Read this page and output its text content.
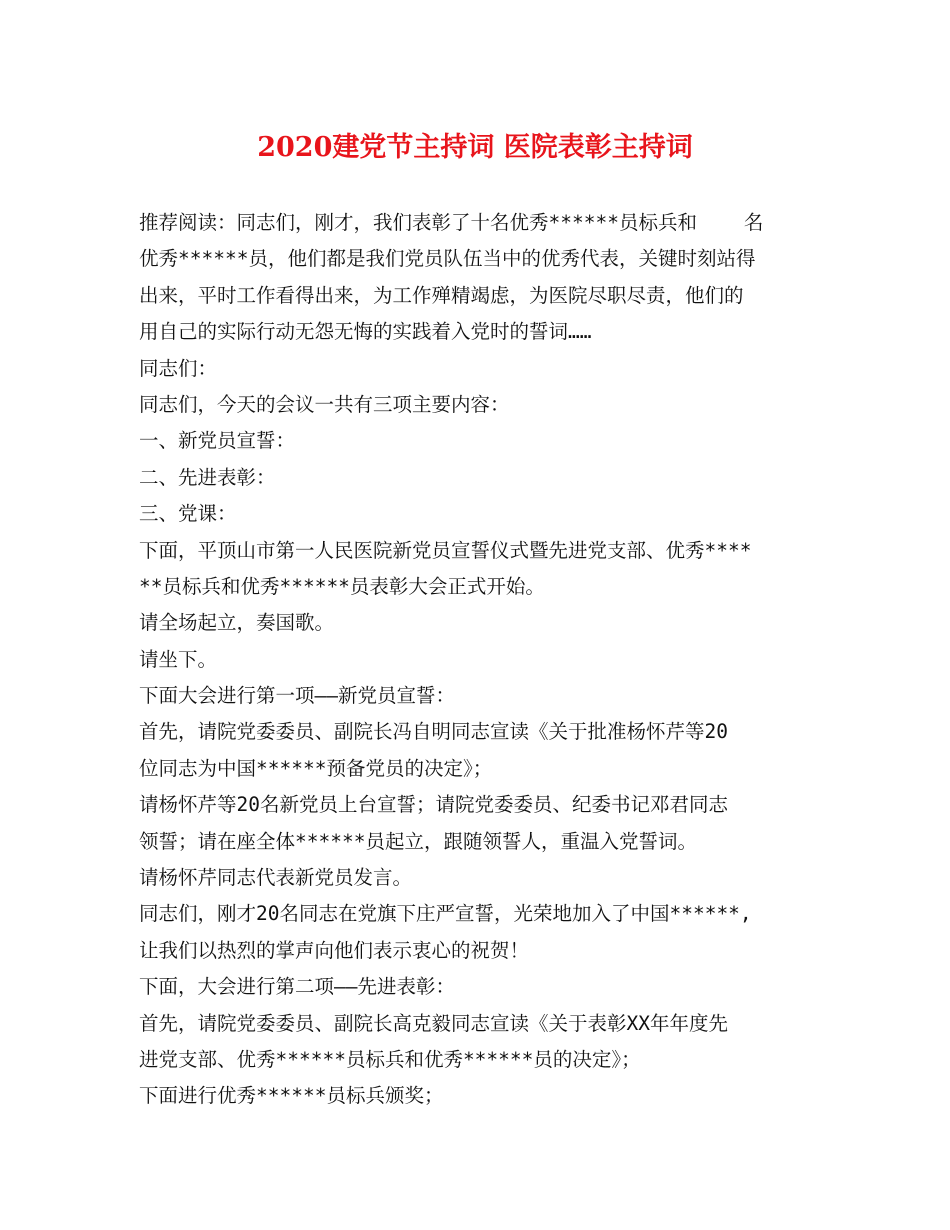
2020建党节主持词 医院表彰主持词
推荐阅读：同志们，刚才，我们表彰了十名优秀******员标兵和    名
优秀******员，他们都是我们党员队伍当中的优秀代表，关键时刻站得
出来，平时工作看得出来，为工作殚精竭虑，为医院尽职尽责，他们的
用自己的实际行动无怨无悔的实践着入党时的誓词……
同志们：
同志们，今天的会议一共有三项主要内容：
一、新党员宣誓：
二、先进表彰：
三、党课：
下面，平顶山市第一人民医院新党员宣誓仪式暨先进党支部、优秀****
**员标兵和优秀******员表彰大会正式开始。
请全场起立，奏国歌。
请坐下。
下面大会进行第一项——新党员宣誓：
首先，请院党委委员、副院长冯自明同志宣读《关于批准杨怀芹等20
位同志为中国******预备党员的决定》；
请杨怀芹等20名新党员上台宣誓；请院党委委员、纪委书记邓君同志
领誓；请在座全体******员起立，跟随领誓人，重温入党誓词。
请杨怀芹同志代表新党员发言。
同志们，刚才20名同志在党旗下庄严宣誓，光荣地加入了中国******,
让我们以热烈的掌声向他们表示衷心的祝贺！
下面，大会进行第二项——先进表彰：
首先，请院党委委员、副院长高克毅同志宣读《关于表彰XX年年度先
进党支部、优秀******员标兵和优秀******员的决定》；
下面进行优秀******员标兵颁奖；
